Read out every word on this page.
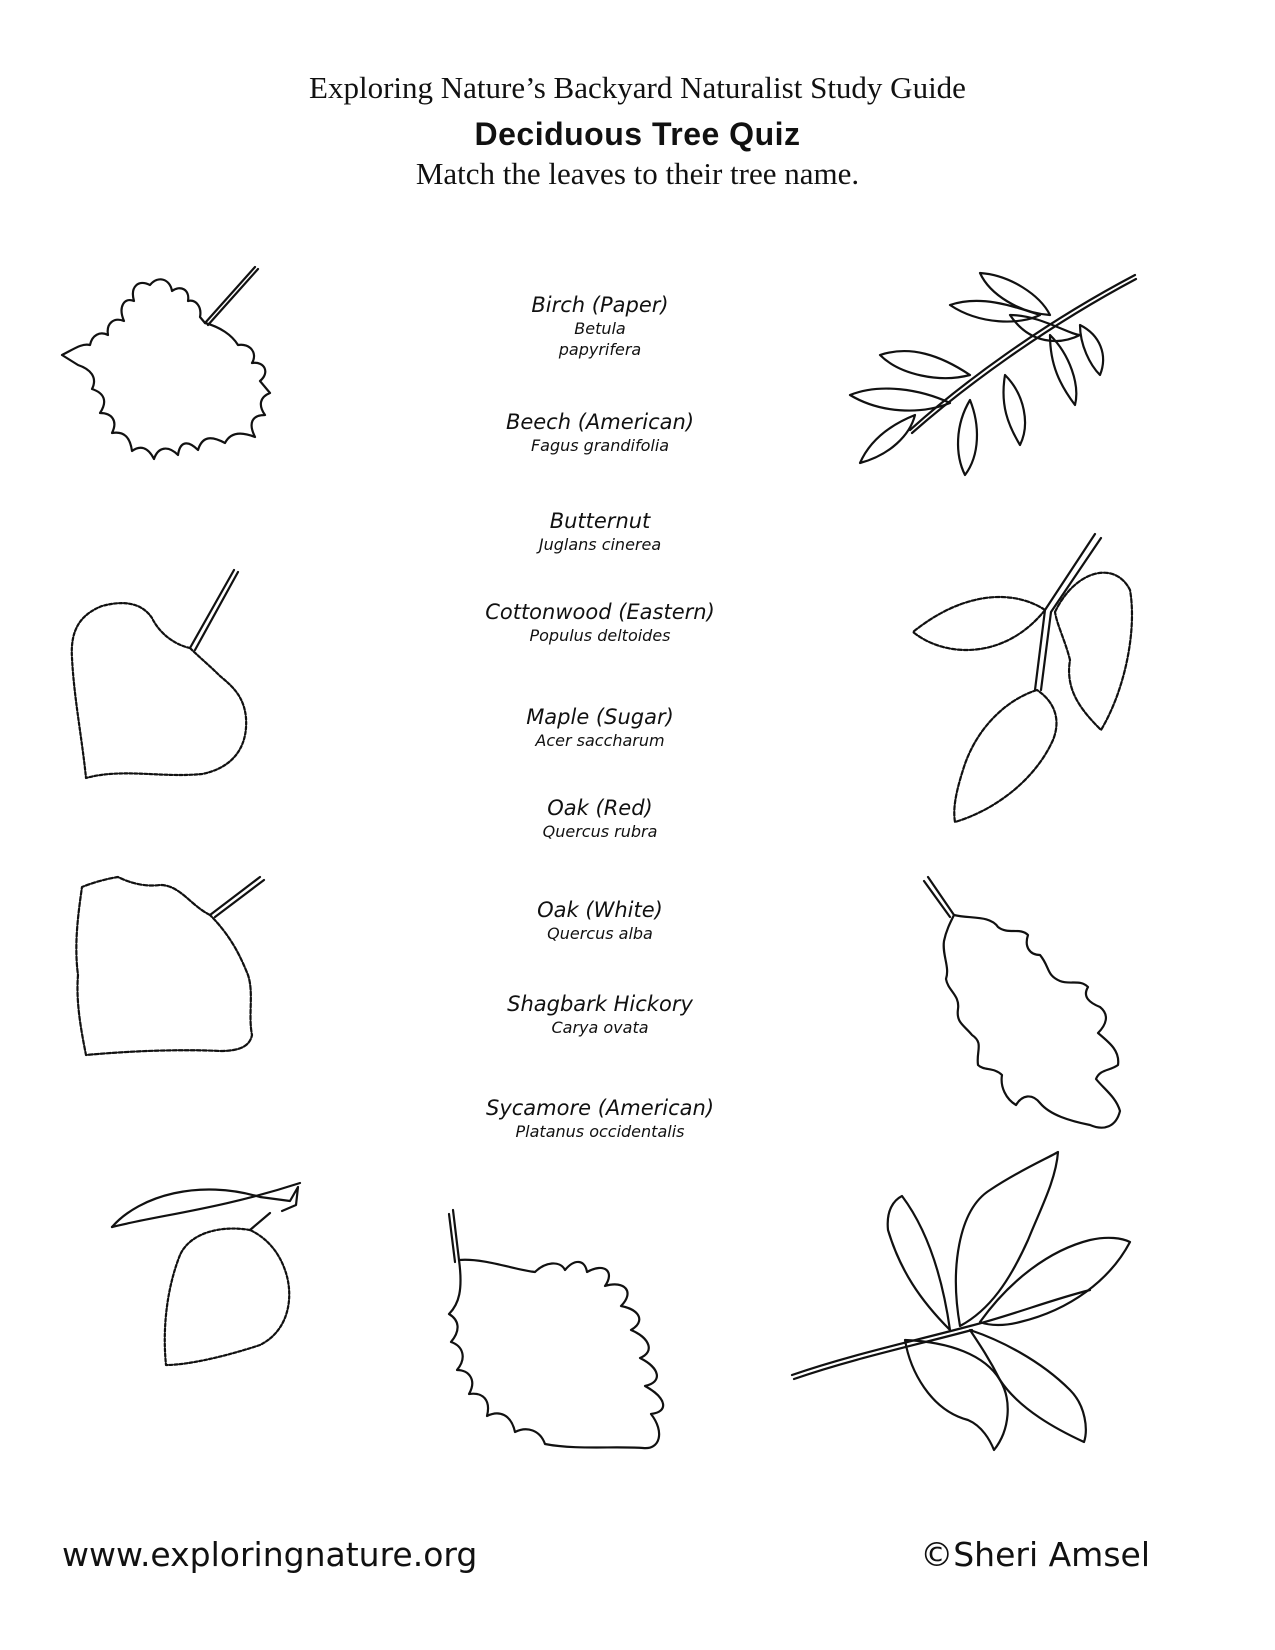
Exploring Nature’s Backyard Naturalist Study Guide
Deciduous Tree Quiz
Match the leaves to their tree name.
Birch (Paper)
Betula
papyrifera
Beech (American)
Fagus grandifolia
Butternut
Juglans cinerea
Cottonwood (Eastern)
Populus deltoides
Maple (Sugar)
Acer saccharum
Oak (Red)
Quercus rubra
Oak (White)
Quercus alba
Shagbark Hickory
Carya ovata
Sycamore (American)
Platanus occidentalis
www.exploringnature.org	©Sheri Amsel
